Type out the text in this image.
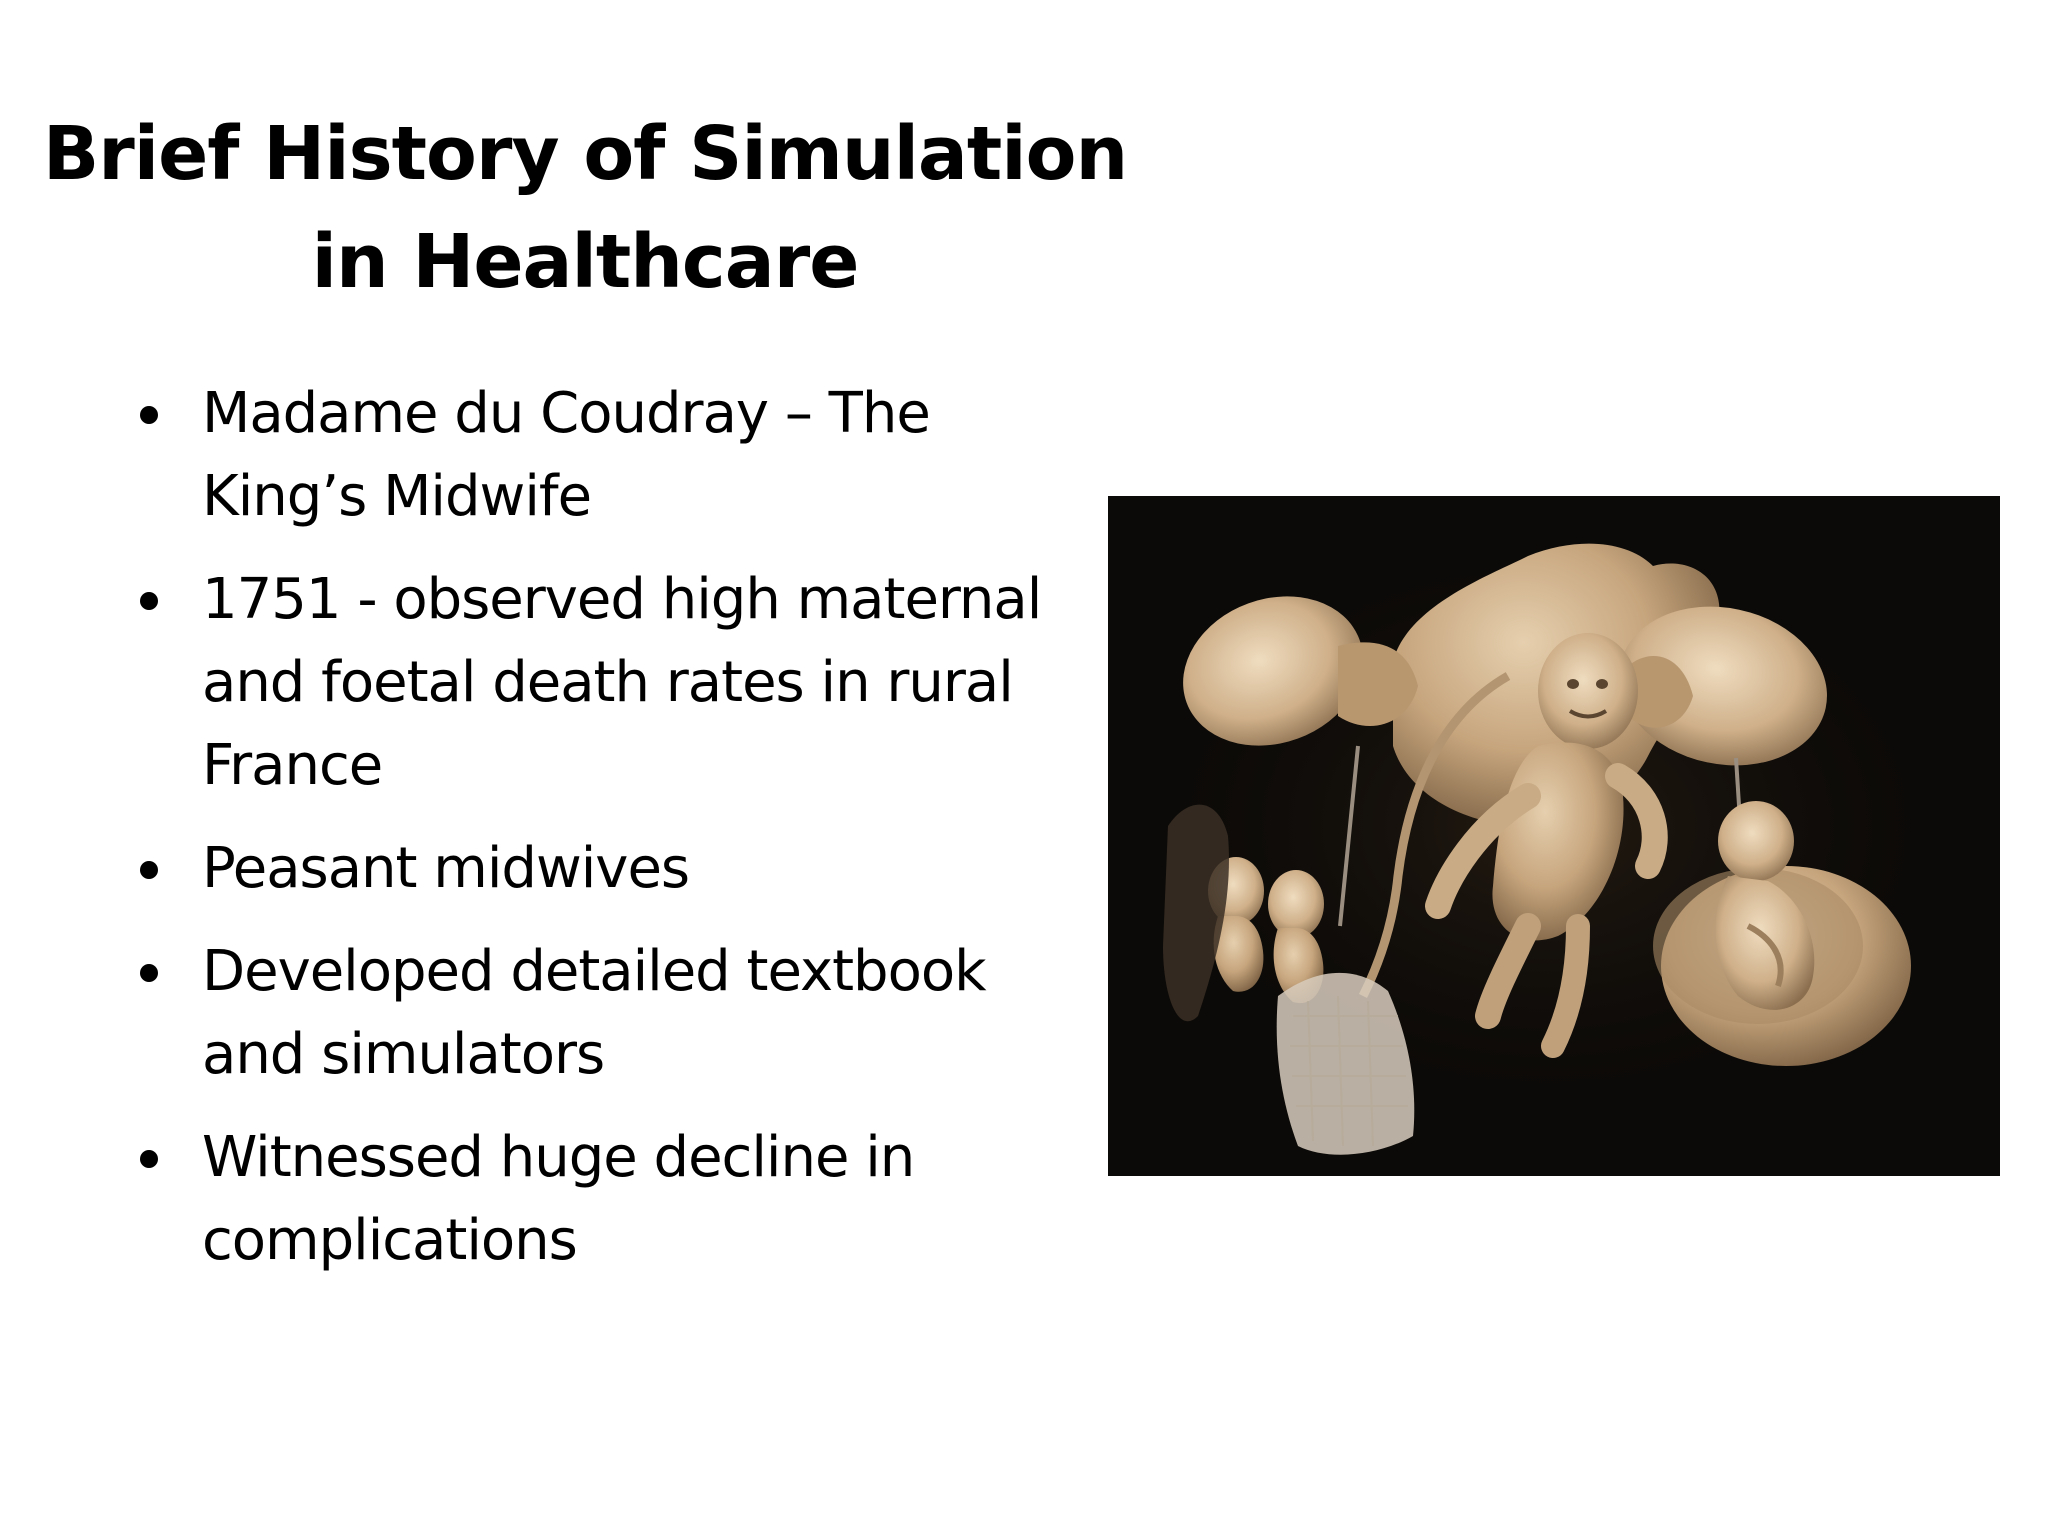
Brief History of Simulation
in Healthcare
Madame du Coudray – The
King’s Midwife
1751 - observed high maternal
and foetal death rates in rural
France
Peasant midwives
Developed detailed textbook
and simulators
Witnessed huge decline in
complications
